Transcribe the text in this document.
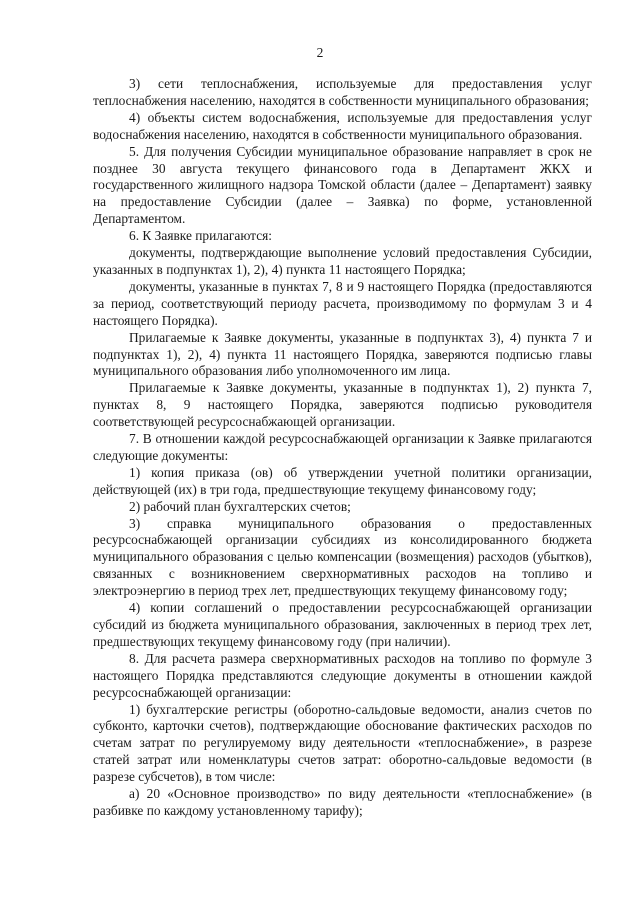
2

3) сети теплоснабжения, используемые для предоставления услуг теплоснабжения населению, находятся в собственности муниципального образования;

4) объекты систем водоснабжения, используемые для предоставления услуг водоснабжения населению, находятся в собственности муниципального образования.

5. Для получения Субсидии муниципальное образование направляет в срок не позднее 30 августа текущего финансового года в Департамент ЖКХ и государственного жилищного надзора Томской области (далее – Департамент) заявку на предоставление Субсидии (далее – Заявка) по форме, установленной Департаментом.

6. К Заявке прилагаются:

документы, подтверждающие выполнение условий предоставления Субсидии, указанных в подпунктах 1), 2), 4) пункта 11 настоящего Порядка;

документы, указанные в пунктах 7, 8 и 9 настоящего Порядка (предоставляются за период, соответствующий периоду расчета, производимому по формулам 3 и 4 настоящего Порядка).

Прилагаемые к Заявке документы, указанные в подпунктах 3), 4) пункта 7 и подпунктах 1), 2), 4) пункта 11 настоящего Порядка, заверяются подписью главы муниципального образования либо уполномоченного им лица.

Прилагаемые к Заявке документы, указанные в подпунктах 1), 2) пункта 7, пунктах 8, 9 настоящего Порядка, заверяются подписью руководителя соответствующей ресурсоснабжающей организации.

7. В отношении каждой ресурсоснабжающей организации к Заявке прилагаются следующие документы:

1) копия приказа (ов) об утверждении учетной политики организации, действующей (их) в три года, предшествующие текущему финансовому году;

2) рабочий план бухгалтерских счетов;

3) справка муниципального образования о предоставленных ресурсоснабжающей организации субсидиях из консолидированного бюджета муниципального образования с целью компенсации (возмещения) расходов (убытков), связанных с возникновением сверхнормативных расходов на топливо и электроэнергию в период трех лет, предшествующих текущему финансовому году;

4) копии соглашений о предоставлении ресурсоснабжающей организации субсидий из бюджета муниципального образования, заключенных в период трех лет, предшествующих текущему финансовому году (при наличии).

8. Для расчета размера сверхнормативных расходов на топливо по формуле 3 настоящего Порядка представляются следующие документы в отношении каждой ресурсоснабжающей организации:

1) бухгалтерские регистры (оборотно-сальдовые ведомости, анализ счетов по субконто, карточки счетов), подтверждающие обоснование фактических расходов по счетам затрат по регулируемому виду деятельности «теплоснабжение», в разрезе статей затрат или номенклатуры счетов затрат: оборотно-сальдовые ведомости (в разрезе субсчетов), в том числе:

а) 20 «Основное производство» по виду деятельности «теплоснабжение» (в разбивке по каждому установленному тарифу);
